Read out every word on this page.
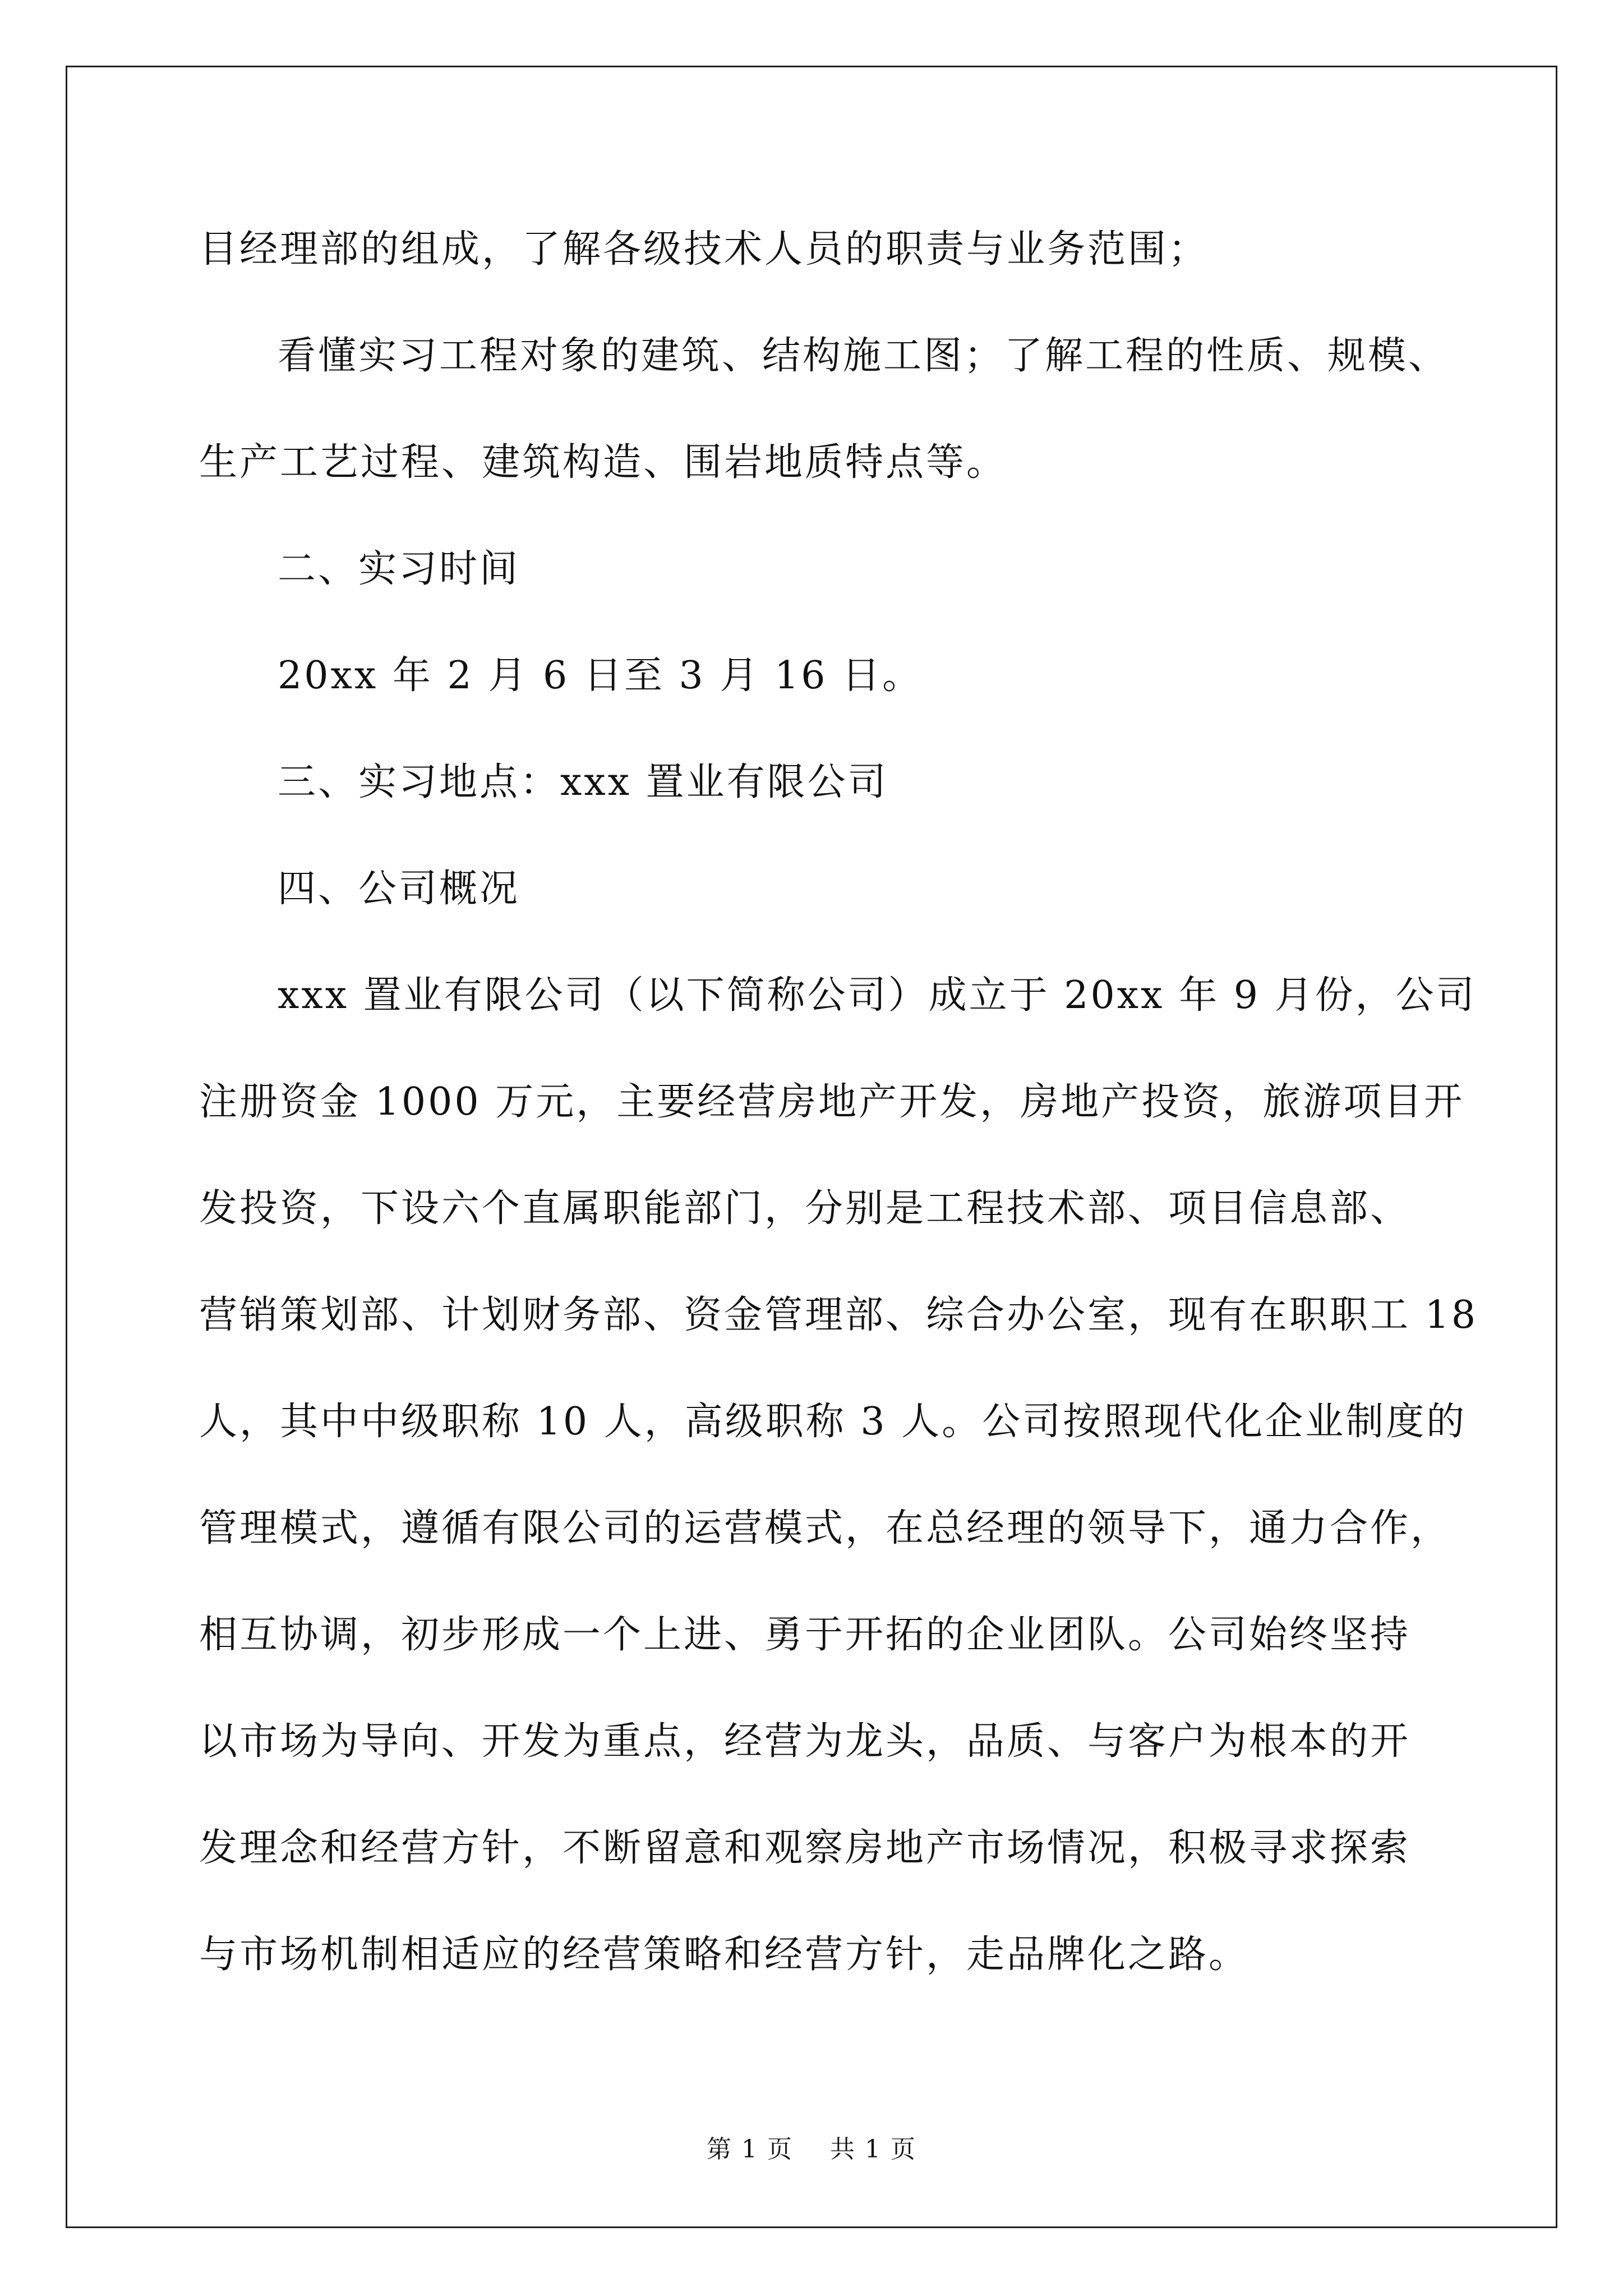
目经理部的组成，了解各级技术人员的职责与业务范围；
看懂实习工程对象的建筑、结构施工图；了解工程的性质、规模、
生产工艺过程、建筑构造、围岩地质特点等。
二、实习时间
20xx 年 2 月 6 日至 3 月 16 日。
三、实习地点：xxx 置业有限公司
四、公司概况
xxx 置业有限公司（以下简称公司）成立于 20xx 年 9 月份，公司
注册资金 1000 万元，主要经营房地产开发，房地产投资，旅游项目开
发投资，下设六个直属职能部门，分别是工程技术部、项目信息部、
营销策划部、计划财务部、资金管理部、综合办公室，现有在职职工 18
人，其中中级职称 10 人，高级职称 3 人。公司按照现代化企业制度的
管理模式，遵循有限公司的运营模式，在总经理的领导下，通力合作，
相互协调，初步形成一个上进、勇于开拓的企业团队。公司始终坚持
以市场为导向、开发为重点，经营为龙头，品质、与客户为根本的开
发理念和经营方针，不断留意和观察房地产市场情况，积极寻求探索
与市场机制相适应的经营策略和经营方针，走品牌化之路。
第 1 页 共 1 页
